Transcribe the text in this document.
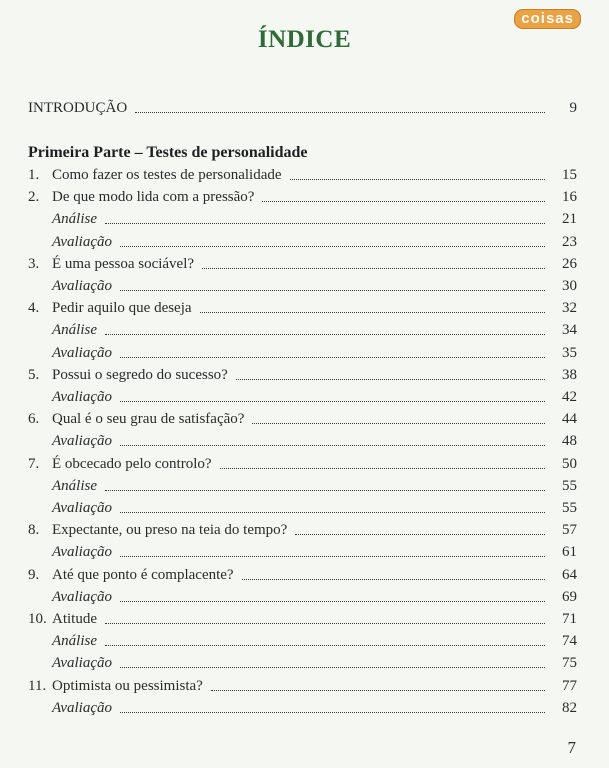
coisas
ÍNDICE
INTRODUÇÃO	9
Primeira Parte – Testes de personalidade
1. Como fazer os testes de personalidade	15
2. De que modo lida com a pressão?	16
Análise	21
Avaliação	23
3. É uma pessoa sociável?	26
Avaliação	30
4. Pedir aquilo que deseja	32
Análise	34
Avaliação	35
5. Possui o segredo do sucesso?	38
Avaliação	42
6. Qual é o seu grau de satisfação?	44
Avaliação	48
7. É obcecado pelo controlo?	50
Análise	55
Avaliação	55
8. Expectante, ou preso na teia do tempo?	57
Avaliação	61
9. Até que ponto é complacente?	64
Avaliação	69
10. Atitude	71
Análise	74
Avaliação	75
11. Optimista ou pessimista?	77
Avaliação	82
7
